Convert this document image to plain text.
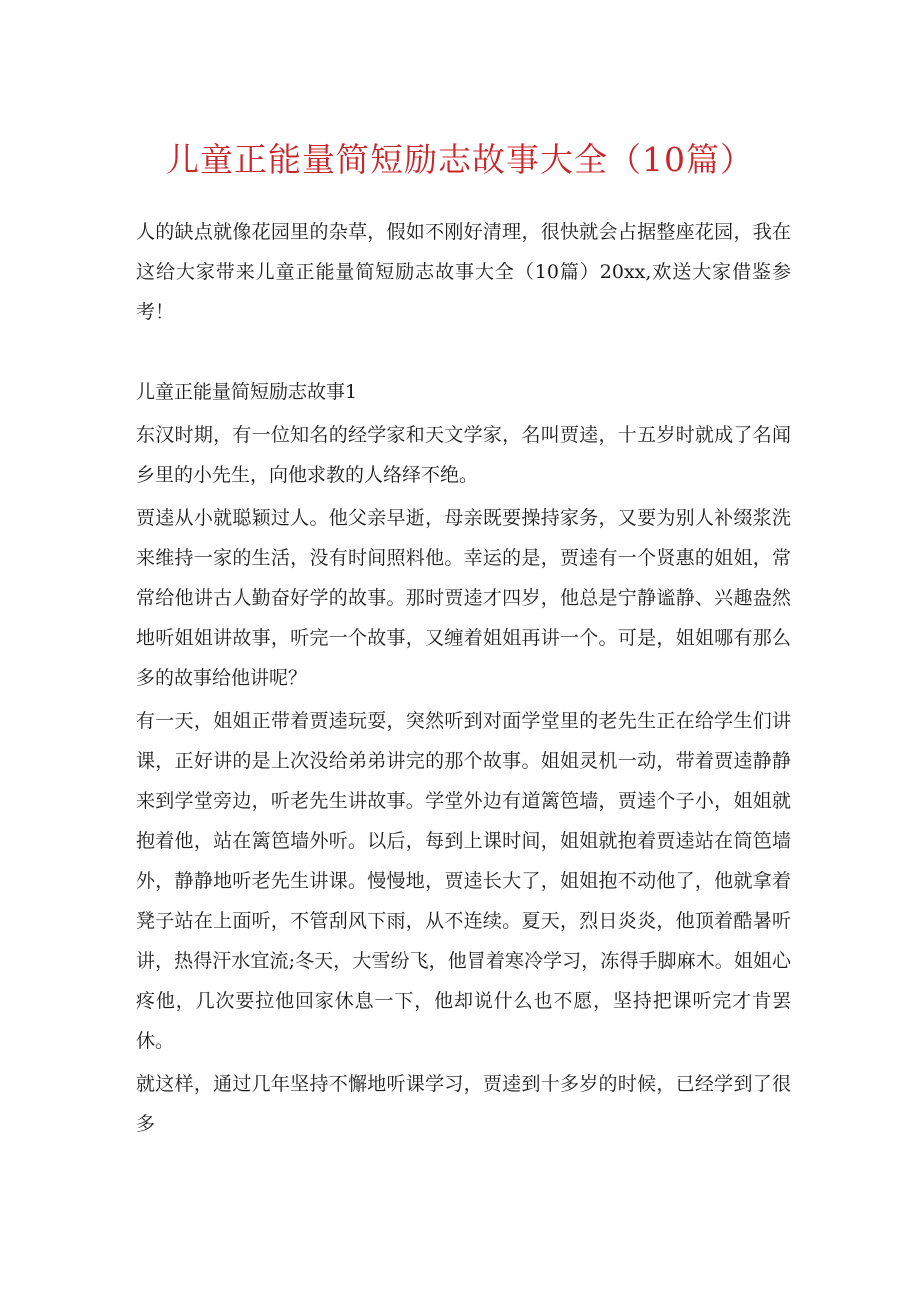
儿童正能量简短励志故事大全（10篇）

人的缺点就像花园里的杂草，假如不刚好清理，很快就会占据整座花园，我在这给大家带来儿童正能量简短励志故事大全（10篇）20xx,欢送大家借鉴参考！

儿童正能量简短励志故事1

东汉时期，有一位知名的经学家和天文学家，名叫贾逵，十五岁时就成了名闻乡里的小先生，向他求教的人络绎不绝。

贾逵从小就聪颖过人。他父亲早逝，母亲既要操持家务，又要为别人补缀浆洗来维持一家的生活，没有时间照料他。幸运的是，贾逵有一个贤惠的姐姐，常常给他讲古人勤奋好学的故事。那时贾逵才四岁，他总是宁静谧静、兴趣盎然地听姐姐讲故事，听完一个故事，又缠着姐姐再讲一个。可是，姐姐哪有那么多的故事给他讲呢？

有一天，姐姐正带着贾逵玩耍，突然听到对面学堂里的老先生正在给学生们讲课，正好讲的是上次没给弟弟讲完的那个故事。姐姐灵机一动，带着贾逵静静来到学堂旁边，听老先生讲故事。学堂外边有道篱笆墙，贾逵个子小，姐姐就抱着他，站在篱笆墙外听。以后，每到上课时间，姐姐就抱着贾逵站在筒笆墙外，静静地听老先生讲课。慢慢地，贾逵长大了，姐姐抱不动他了，他就拿着凳子站在上面听，不管刮风下雨，从不连续。夏天，烈日炎炎，他顶着酷暑听讲，热得汗水宜流;冬天，大雪纷飞，他冒着寒冷学习，冻得手脚麻木。姐姐心疼他，几次要拉他回家休息一下，他却说什么也不愿，坚持把课听完才肯罢休。

就这样，通过几年坚持不懈地听课学习，贾逵到十多岁的时候，已经学到了很多
